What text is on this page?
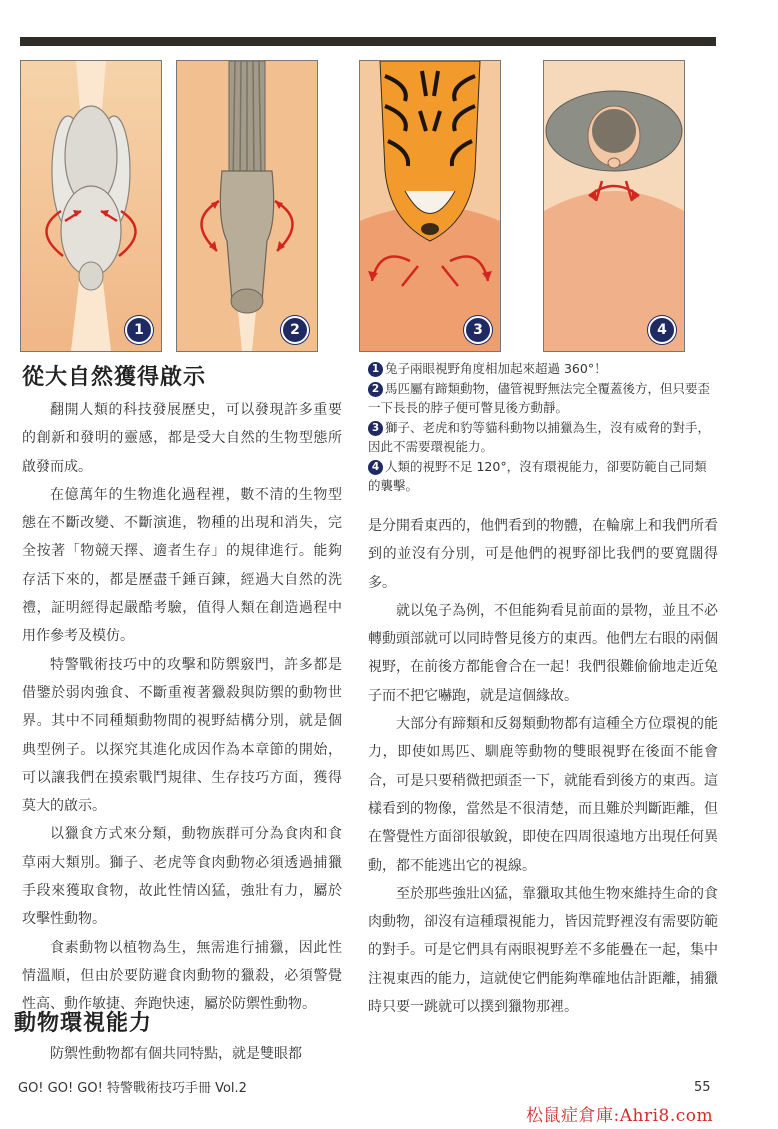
1	2	3	4
從大自然獲得啟示

翻開人類的科技發展歷史，可以發現許多重要的創新和發明的靈感，都是受大自然的生物型態所啟發而成。

在億萬年的生物進化過程裡，數不清的生物型態在不斷改變、不斷演進，物種的出現和消失，完全按著「物競天擇、適者生存」的規律進行。能夠存活下來的，都是歷盡千錘百鍊，經過大自然的洗禮，証明經得起嚴酷考驗，值得人類在創造過程中用作參考及模仿。

特警戰術技巧中的攻擊和防禦竅門，許多都是借鑒於弱肉強食、不斷重複著獵殺與防禦的動物世界。其中不同種類動物間的視野結構分別，就是個典型例子。以探究其進化成因作為本章節的開始，可以讓我們在摸索戰鬥規律、生存技巧方面，獲得莫大的啟示。

以獵食方式來分類，動物族群可分為食肉和食草兩大類別。獅子、老虎等食肉動物必須透過捕獵手段來獲取食物，故此性情凶猛，強壯有力，屬於攻擊性動物。

食素動物以植物為生，無需進行捕獵，因此性情溫順，但由於要防避食肉動物的獵殺，必須警覺性高、動作敏捷、奔跑快速，屬於防禦性動物。

動物環視能力

防禦性動物都有個共同特點，就是雙眼都

1 兔子兩眼視野角度相加起來超過 360°！
2 馬匹屬有蹄類動物，儘管視野無法完全覆蓋後方，但只要歪一下長長的脖子便可瞥見後方動靜。
3 獅子、老虎和豹等貓科動物以捕獵為生，沒有威脅的對手，因此不需要環視能力。
4 人類的視野不足 120°，沒有環視能力，卻要防範自己同類的襲擊。

是分開看東西的，他們看到的物體，在輪廓上和我們所看到的並沒有分別，可是他們的視野卻比我們的要寬闊得多。

就以兔子為例，不但能夠看見前面的景物，並且不必轉動頭部就可以同時瞥見後方的東西。他們左右眼的兩個視野，在前後方都能會合在一起！我們很難偷偷地走近兔子而不把它嚇跑，就是這個緣故。

大部分有蹄類和反芻類動物都有這種全方位環視的能力，即使如馬匹、馴鹿等動物的雙眼視野在後面不能會合，可是只要稍微把頭歪一下，就能看到後方的東西。這樣看到的物像，當然是不很清楚，而且難於判斷距離，但在警覺性方面卻很敏銳，即使在四周很遠地方出現任何異動，都不能逃出它的視線。

至於那些強壯凶猛，靠獵取其他生物來維持生命的食肉動物，卻沒有這種環視能力，皆因荒野裡沒有需要防範的對手。可是它們具有兩眼視野差不多能疊在一起，集中注視東西的能力，這就使它們能夠準確地估計距離，捕獵時只要一跳就可以撲到獵物那裡。

GO! GO! GO! 特警戰術技巧手冊 Vol.2	55
松鼠症倉庫:Ahri8.com
